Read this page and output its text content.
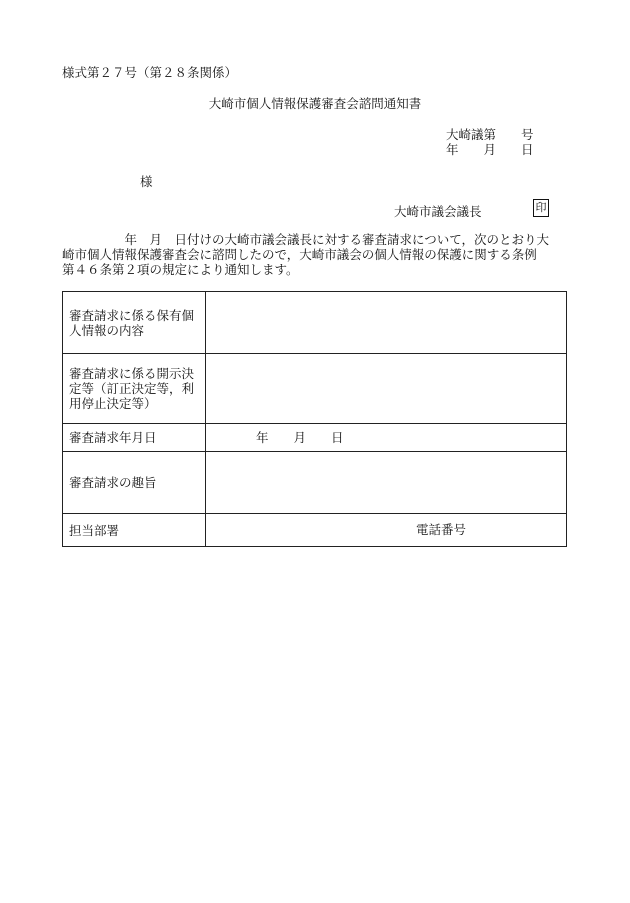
様式第２７号（第２８条関係）
大崎市個人情報保護審査会諮問通知書
大崎議第　　号
年　　月　　日
様
大崎市議会議長	印
　　　　　年　月　日付けの大崎市議会議長に対する審査請求について，次のとおり大
崎市個人情報保護審査会に諮問したので，大崎市議会の個人情報の保護に関する条例
第４６条第２項の規定により通知します。
審査請求に係る保有個
人情報の内容	

審査請求に係る開示決
定等（訂正決定等，利
用停止決定等）	

審査請求年月日	年　　月　　日

審査請求の趣旨	

担当部署	電話番号
